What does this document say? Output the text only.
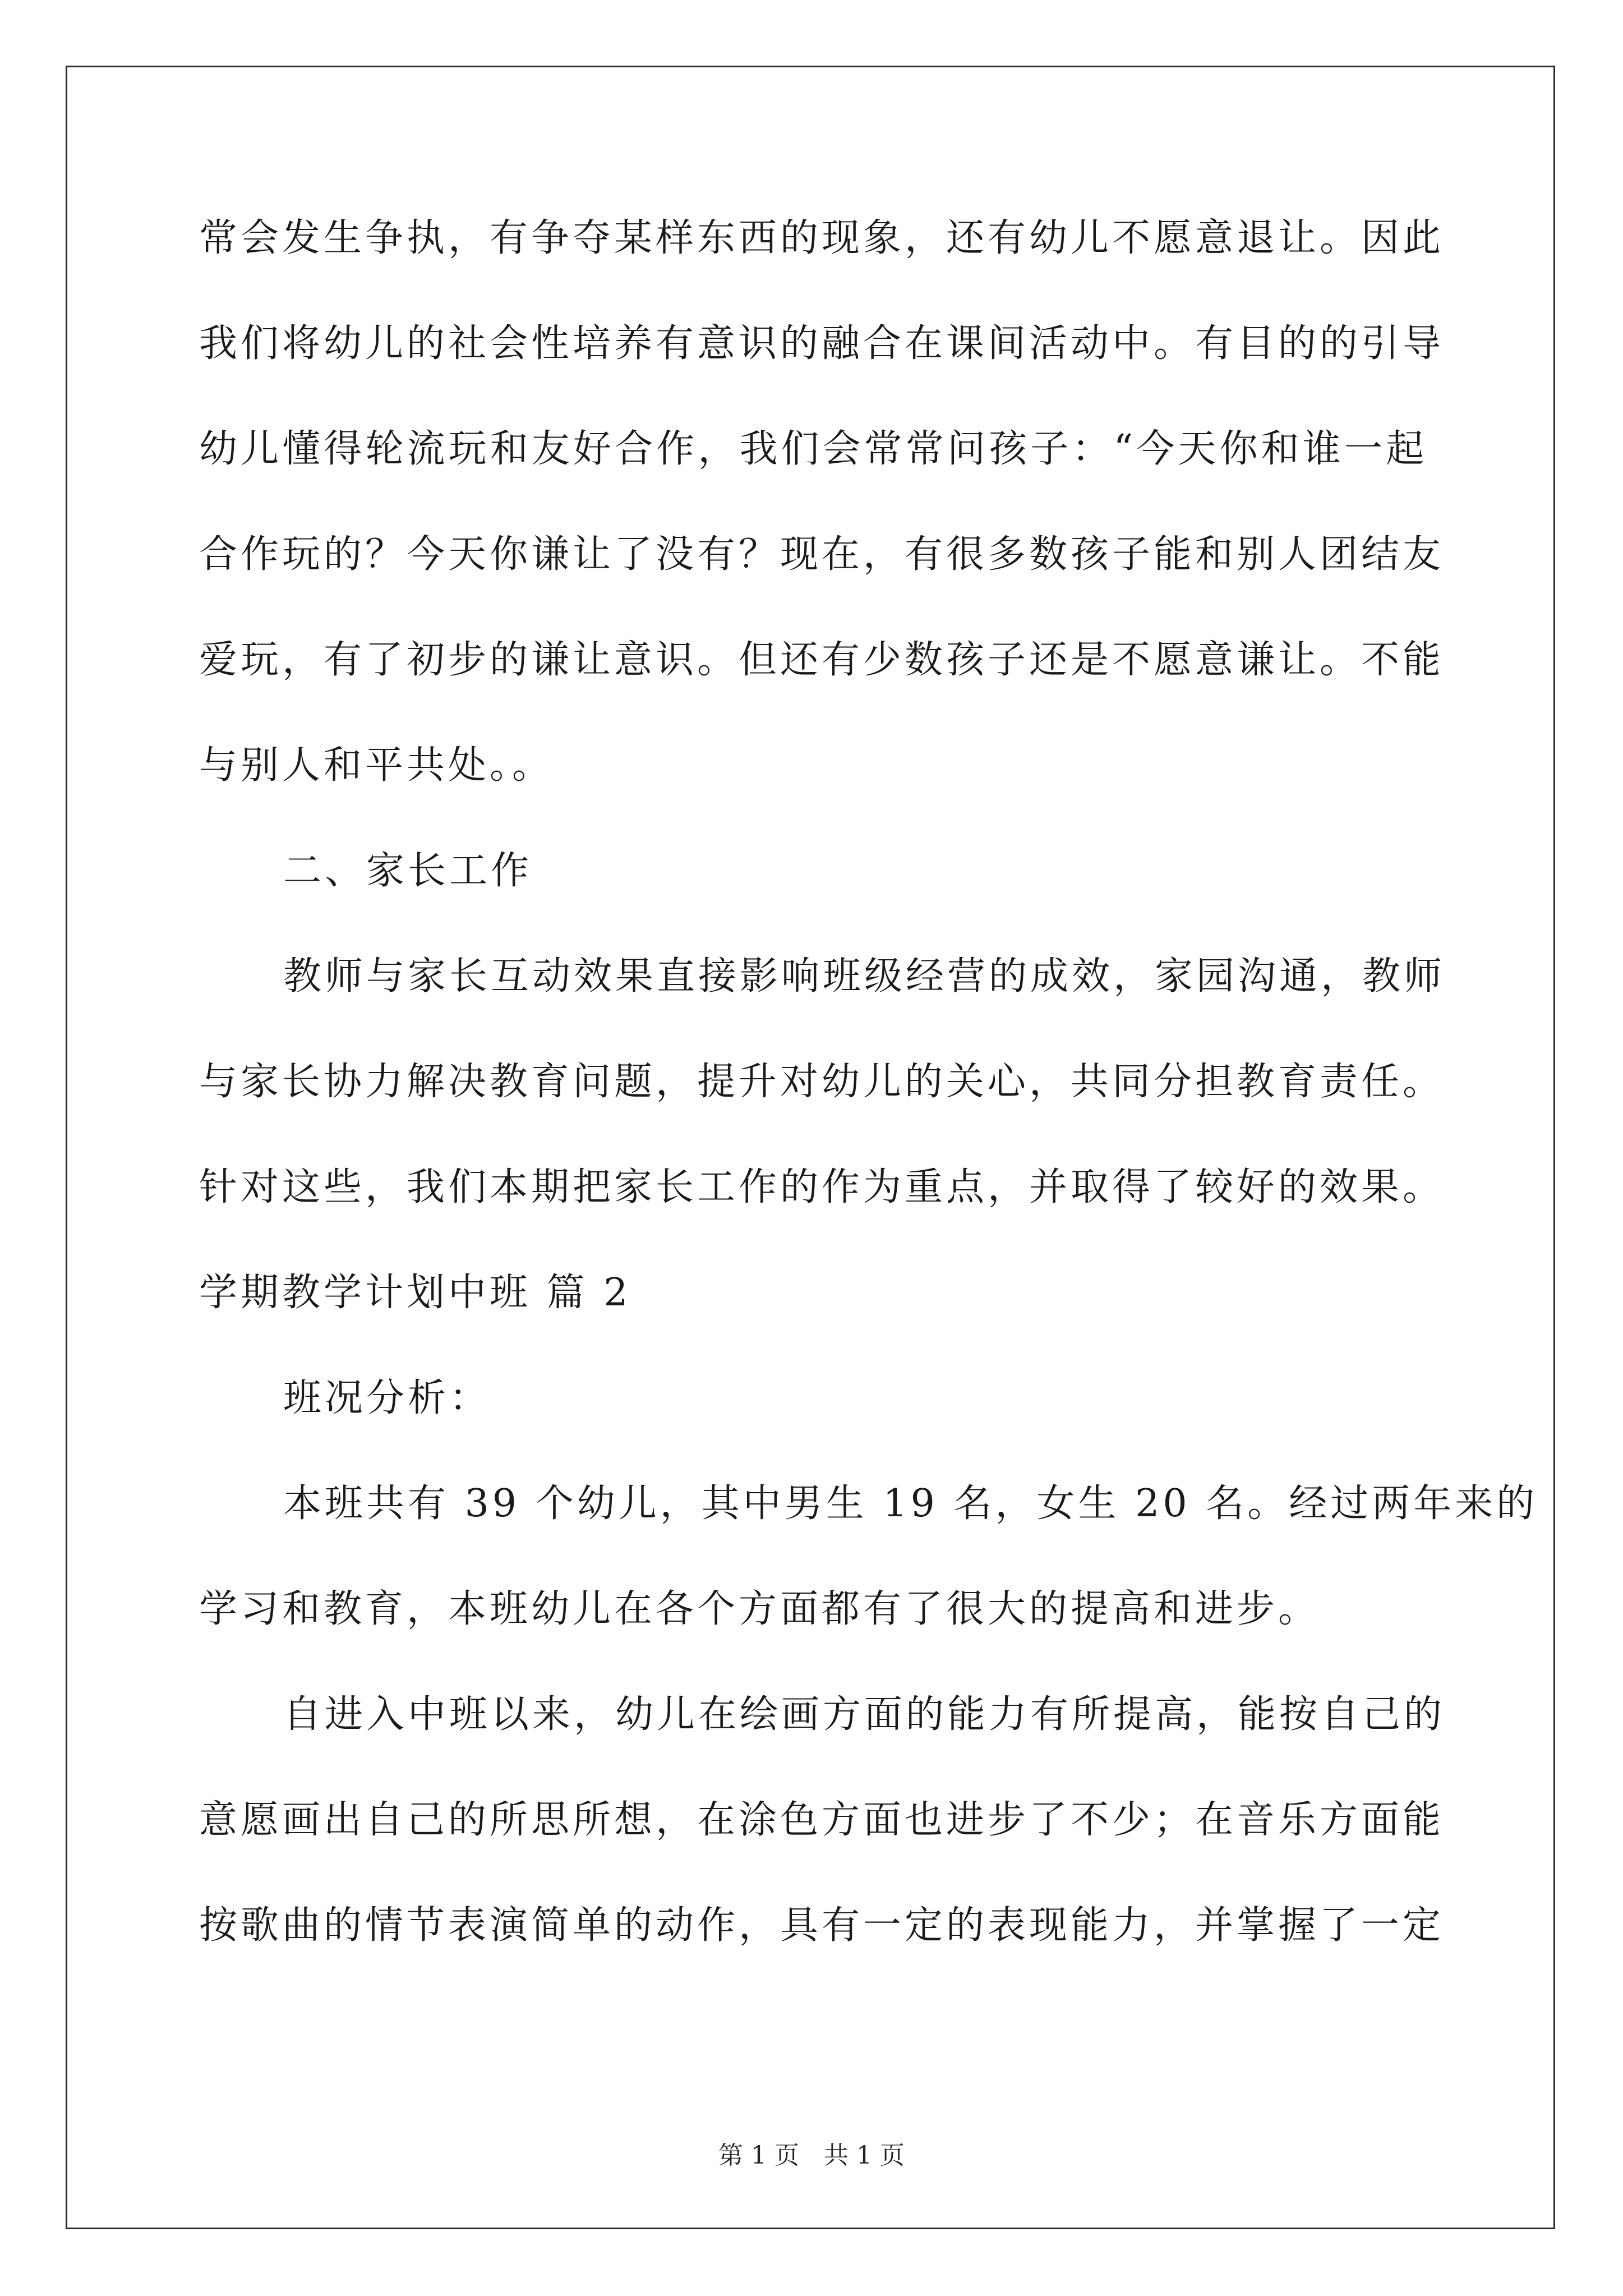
常会发生争执，有争夺某样东西的现象，还有幼儿不愿意退让。因此
我们将幼儿的社会性培养有意识的融合在课间活动中。有目的的引导
幼儿懂得轮流玩和友好合作，我们会常常问孩子：“今天你和谁一起
合作玩的？今天你谦让了没有？现在，有很多数孩子能和别人团结友
爱玩，有了初步的谦让意识。但还有少数孩子还是不愿意谦让。不能
与别人和平共处。。
二、家长工作
教师与家长互动效果直接影响班级经营的成效，家园沟通，教师
与家长协力解决教育问题，提升对幼儿的关心，共同分担教育责任。
针对这些，我们本期把家长工作的作为重点，并取得了较好的效果。
学期教学计划中班 篇 2
班况分析：
本班共有 39 个幼儿，其中男生 19 名，女生 20 名。经过两年来的
学习和教育，本班幼儿在各个方面都有了很大的提高和进步。
自进入中班以来，幼儿在绘画方面的能力有所提高，能按自己的
意愿画出自己的所思所想，在涂色方面也进步了不少；在音乐方面能
按歌曲的情节表演简单的动作，具有一定的表现能力，并掌握了一定
第 1 页 共 1 页
